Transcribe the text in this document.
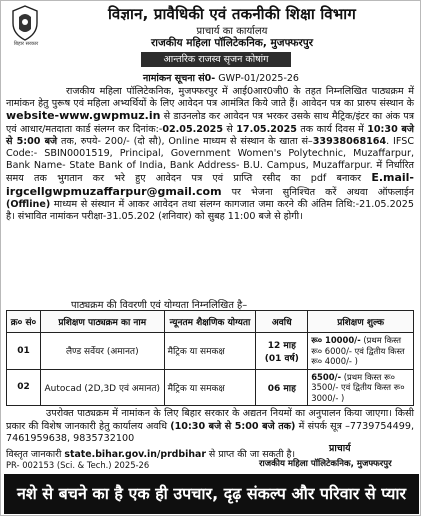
बिहार सरकार
विज्ञान, प्रावैधिकी एवं तकनीकी शिक्षा विभाग
प्राचार्य का कार्यालय
राजकीय महिला पॉलिटेकनिक, मुजफ्फरपुर
आन्तरिक राजस्व सृजन कोषांग
नामांकन सूचना सं0- GWP-01/2025-26
राजकीय महिला पॉलिटेकनिक, मुजफ्फरपुर में आई0आर0जी0 के तहत निम्नलिखित पाठ्यक्रम में नामांकन हेतु पुरूष एवं महिला अभ्यर्थियों के लिए आवेदन पत्र आमंत्रित किये जाते हैं। आवेदन पत्र का प्रारुप संस्थान के website-www.gwpmuz.in से डाउनलोड कर आवेदन पत्र भरकर उसके साथ मैट्रिक/इंटर का अंक पत्र एवं आधार/मतदाता कार्ड संलग्न कर दिनांक:-02.05.2025 से 17.05.2025 तक कार्य दिवस में 10:30 बजे से 5:00 बजे तक, रुपये- 200/- (दो सौ), Online माध्यम से संस्थान के खाता सं–33938068164. IFSC Code:- SBIN0001519, Principal, Government Women's Polytechnic, Muzaffarpur, Bank Name- State Bank of India, Bank Address- B.U. Campus, Muzaffarpur. में निर्धारित समय तक भुगतान कर भरे हुए आवेदन पत्र एवं प्राप्ति रसीद का pdf बनाकर E.mail- irgcellgwpmuzaffarpur@gmail.com पर भेजना सुनिश्चित करें अथवा ऑफलाईन (Offline) माध्यम से संस्थान में आकर आवेदन तथा संलग्न कागजात जमा करने की अंतिम तिथि:-21.05.2025 है। संभावित नामांकन परीक्षा-31.05.202 (शनिवार) को सुबह 11:00 बजे से होगी।
पाठ्यक्रम की विवरणी एवं योग्यता निम्नलिखित है–
क्र० सं०	प्रशिक्षण पाठ्यक्रम का नाम	न्यूनतम शैक्षणिक योग्यता	अवधि	प्रशिक्षण शुल्क
01	लैण्ड सर्वेयर (अमानत)	मैट्रिक या समकक्ष	12 माह (01 वर्ष)	रू० 10000/- (प्रथम किस्त रू० 6000/- एवं द्वितीय किस्त रू० 4000/- )
02	Autocad (2D,3D एवं अमानत)	मैट्रिक या समकक्ष	06 माह	6500/- (प्रथम किस्त रू० 3500/- एवं द्वितीय किस्त रू० 3000/- )
उपरोक्त पाठ्यक्रम में नामांकन के लिए बिहार सरकार के अद्यतन नियमों का अनुपालन किया जाएगा। किसी प्रकार की विशेष जानकारी हेतु कार्यालय अवधि (10:30 बजे से 5:00 बजे तक) में संपर्क सूत्र –7739754499, 7461959638, 9835732100
विस्तृत जानकारी state.bihar.gov.in/prdbihar से प्राप्त की जा सकती है।
PR- 002153 (Sci. & Tech.) 2025-26
प्राचार्य
राजकीय महिला पॉलिटेकनिक, मुजफ्फरपुर
नशे से बचने का है एक ही उपचार, दृढ़ संकल्प और परिवार से प्यार
